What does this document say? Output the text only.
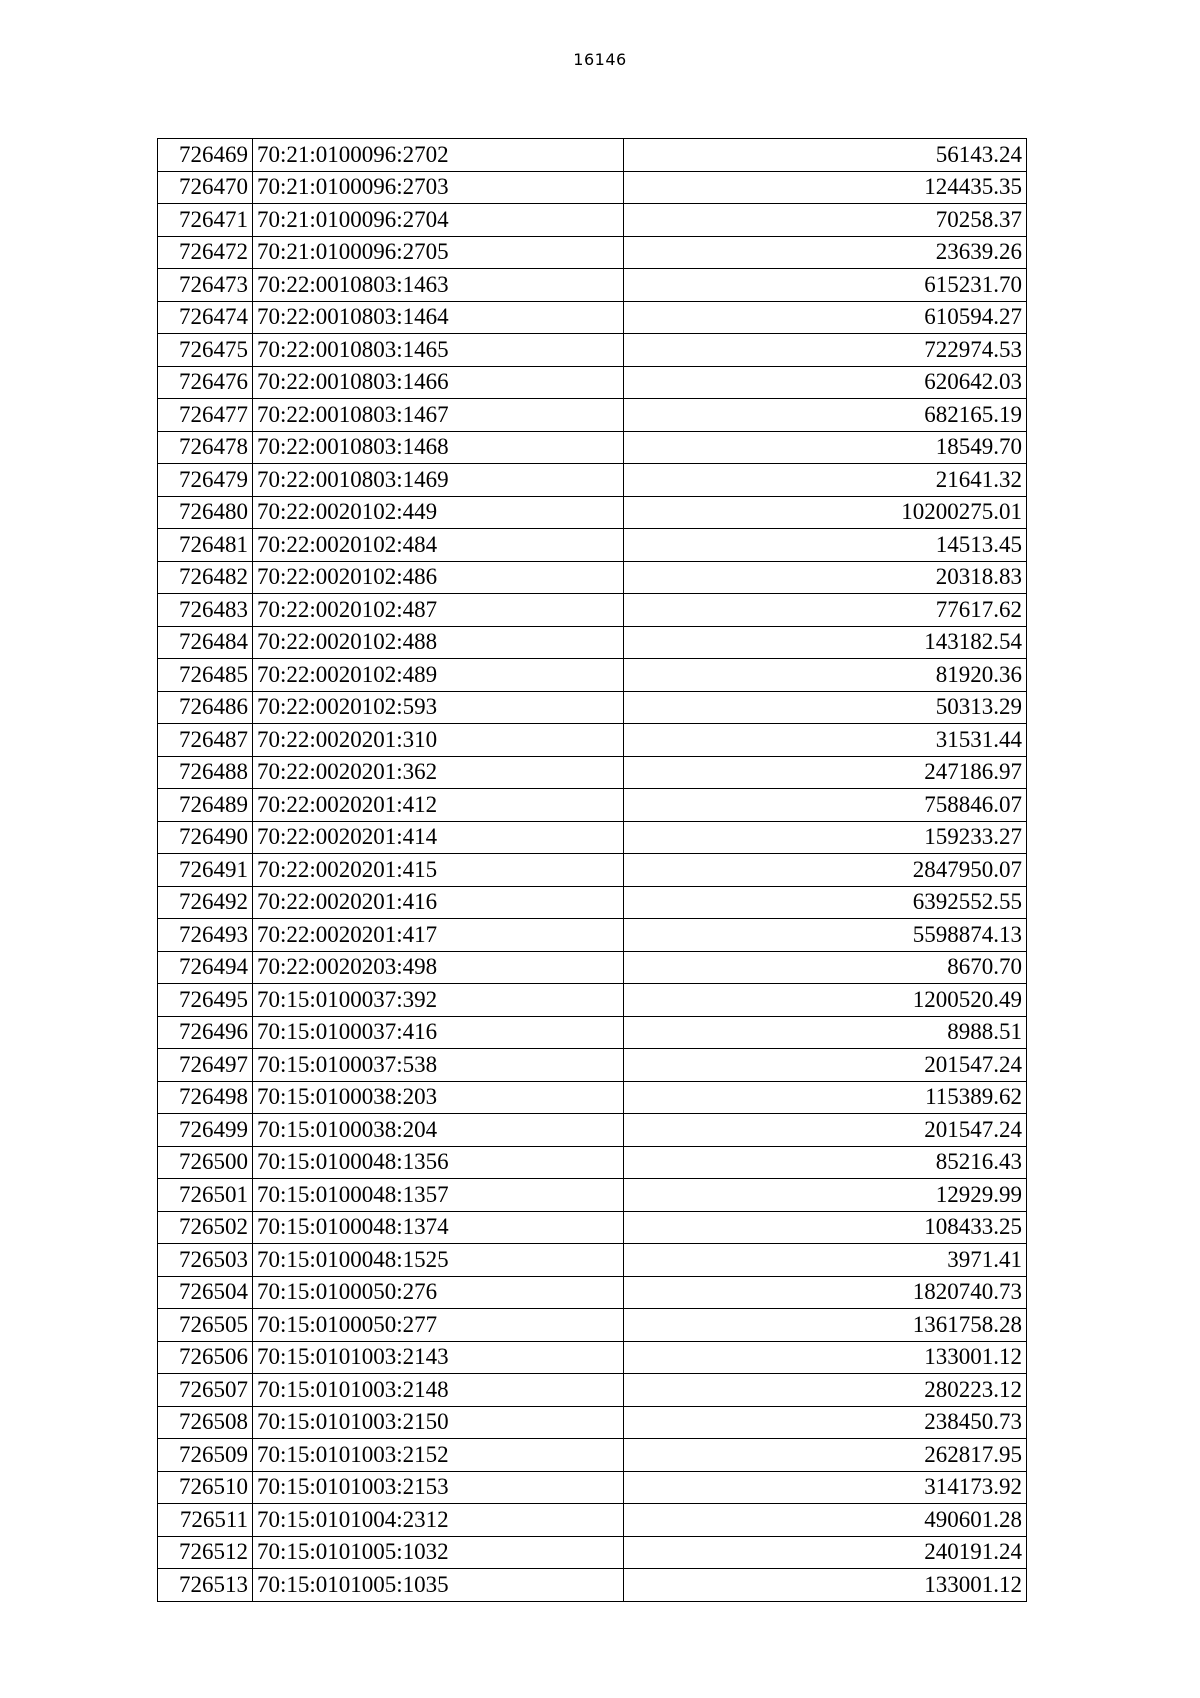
16146
726469	70:21:0100096:2702	56143.24
726470	70:21:0100096:2703	124435.35
726471	70:21:0100096:2704	70258.37
726472	70:21:0100096:2705	23639.26
726473	70:22:0010803:1463	615231.70
726474	70:22:0010803:1464	610594.27
726475	70:22:0010803:1465	722974.53
726476	70:22:0010803:1466	620642.03
726477	70:22:0010803:1467	682165.19
726478	70:22:0010803:1468	18549.70
726479	70:22:0010803:1469	21641.32
726480	70:22:0020102:449	10200275.01
726481	70:22:0020102:484	14513.45
726482	70:22:0020102:486	20318.83
726483	70:22:0020102:487	77617.62
726484	70:22:0020102:488	143182.54
726485	70:22:0020102:489	81920.36
726486	70:22:0020102:593	50313.29
726487	70:22:0020201:310	31531.44
726488	70:22:0020201:362	247186.97
726489	70:22:0020201:412	758846.07
726490	70:22:0020201:414	159233.27
726491	70:22:0020201:415	2847950.07
726492	70:22:0020201:416	6392552.55
726493	70:22:0020201:417	5598874.13
726494	70:22:0020203:498	8670.70
726495	70:15:0100037:392	1200520.49
726496	70:15:0100037:416	8988.51
726497	70:15:0100037:538	201547.24
726498	70:15:0100038:203	115389.62
726499	70:15:0100038:204	201547.24
726500	70:15:0100048:1356	85216.43
726501	70:15:0100048:1357	12929.99
726502	70:15:0100048:1374	108433.25
726503	70:15:0100048:1525	3971.41
726504	70:15:0100050:276	1820740.73
726505	70:15:0100050:277	1361758.28
726506	70:15:0101003:2143	133001.12
726507	70:15:0101003:2148	280223.12
726508	70:15:0101003:2150	238450.73
726509	70:15:0101003:2152	262817.95
726510	70:15:0101003:2153	314173.92
726511	70:15:0101004:2312	490601.28
726512	70:15:0101005:1032	240191.24
726513	70:15:0101005:1035	133001.12
